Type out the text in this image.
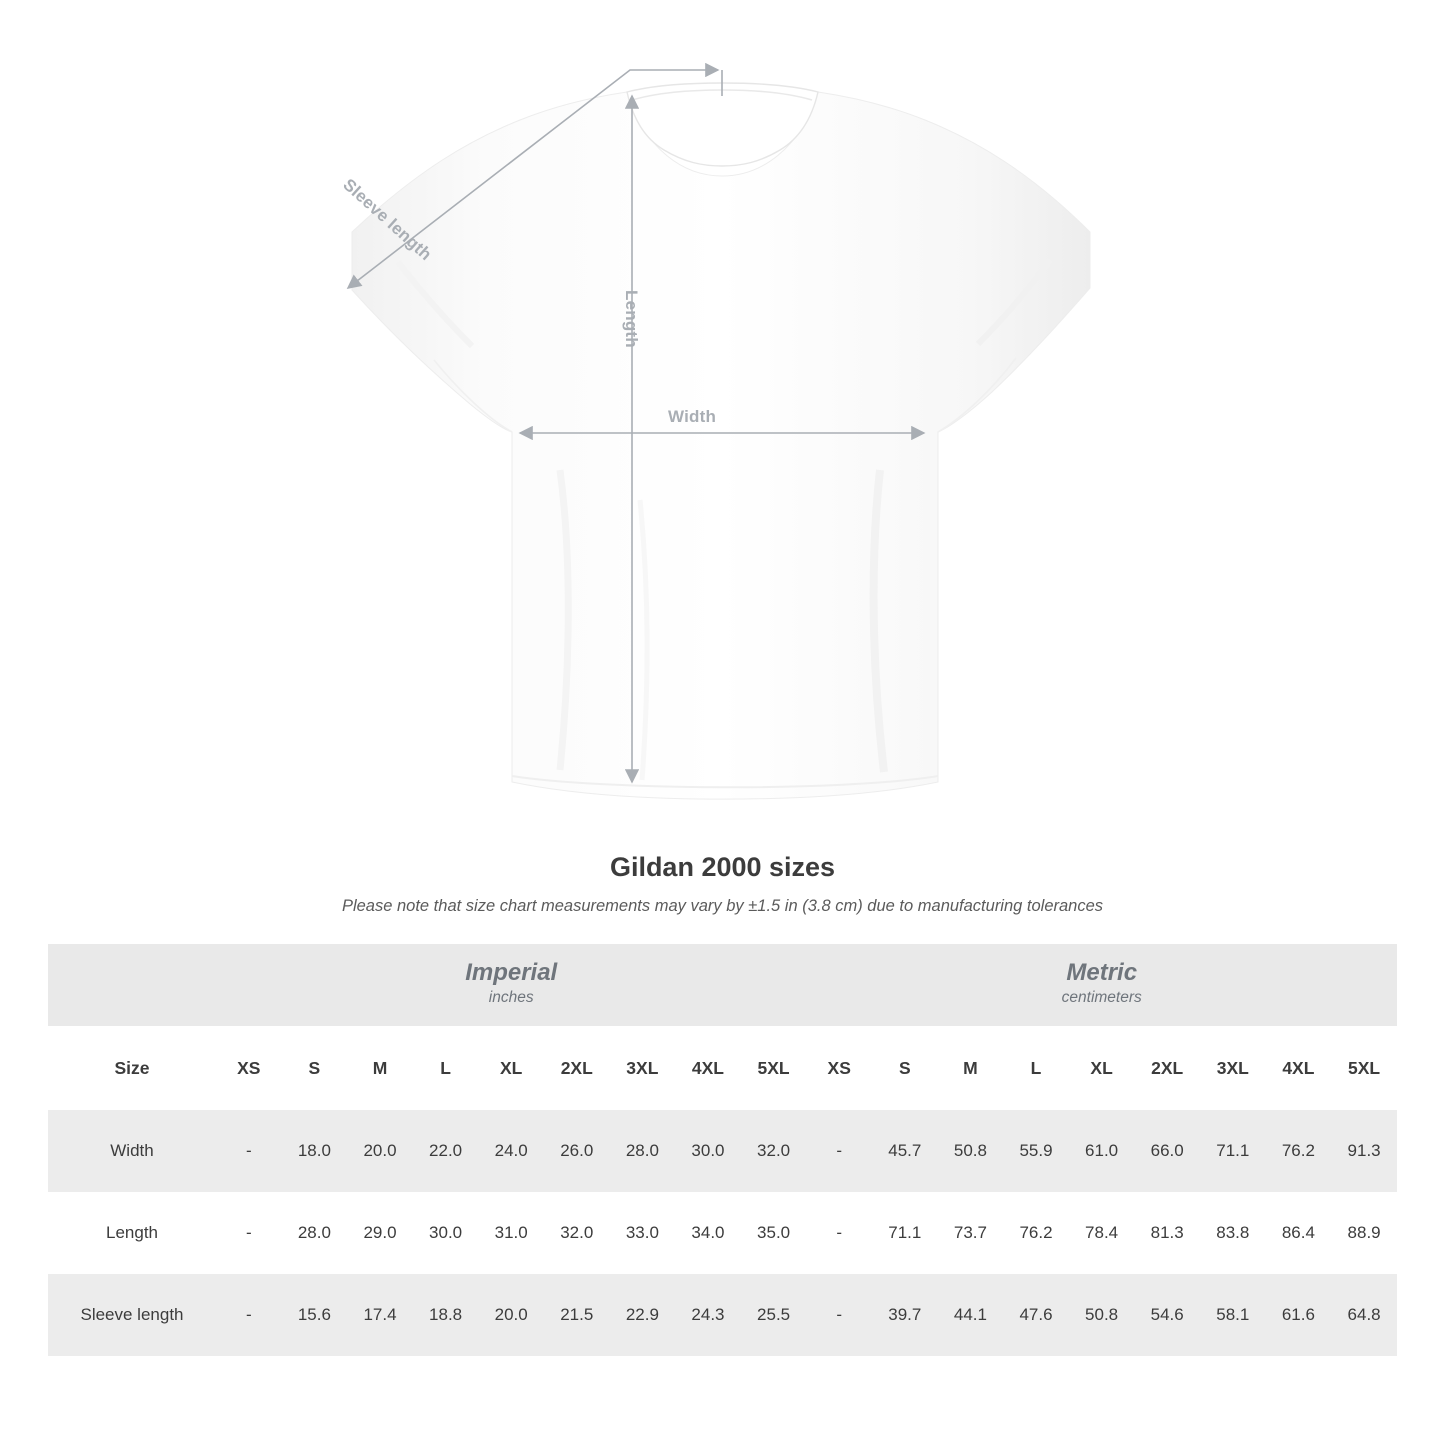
Sleeve length
Length
Width
Gildan 2000 sizes

Please note that size chart measurements may vary by ±1.5 in (3.8 cm) due to manufacturing tolerances

Imperial
inches

Metric
centimeters

Size	XS	S	M	L	XL	2XL	3XL	4XL	5XL	XS	S	M	L	XL	2XL	3XL	4XL	5XL
Width	-	18.0	20.0	22.0	24.0	26.0	28.0	30.0	32.0	-	45.7	50.8	55.9	61.0	66.0	71.1	76.2	91.3
Length	-	28.0	29.0	30.0	31.0	32.0	33.0	34.0	35.0	-	71.1	73.7	76.2	78.4	81.3	83.8	86.4	88.9
Sleeve length	-	15.6	17.4	18.8	20.0	21.5	22.9	24.3	25.5	-	39.7	44.1	47.6	50.8	54.6	58.1	61.6	64.8
